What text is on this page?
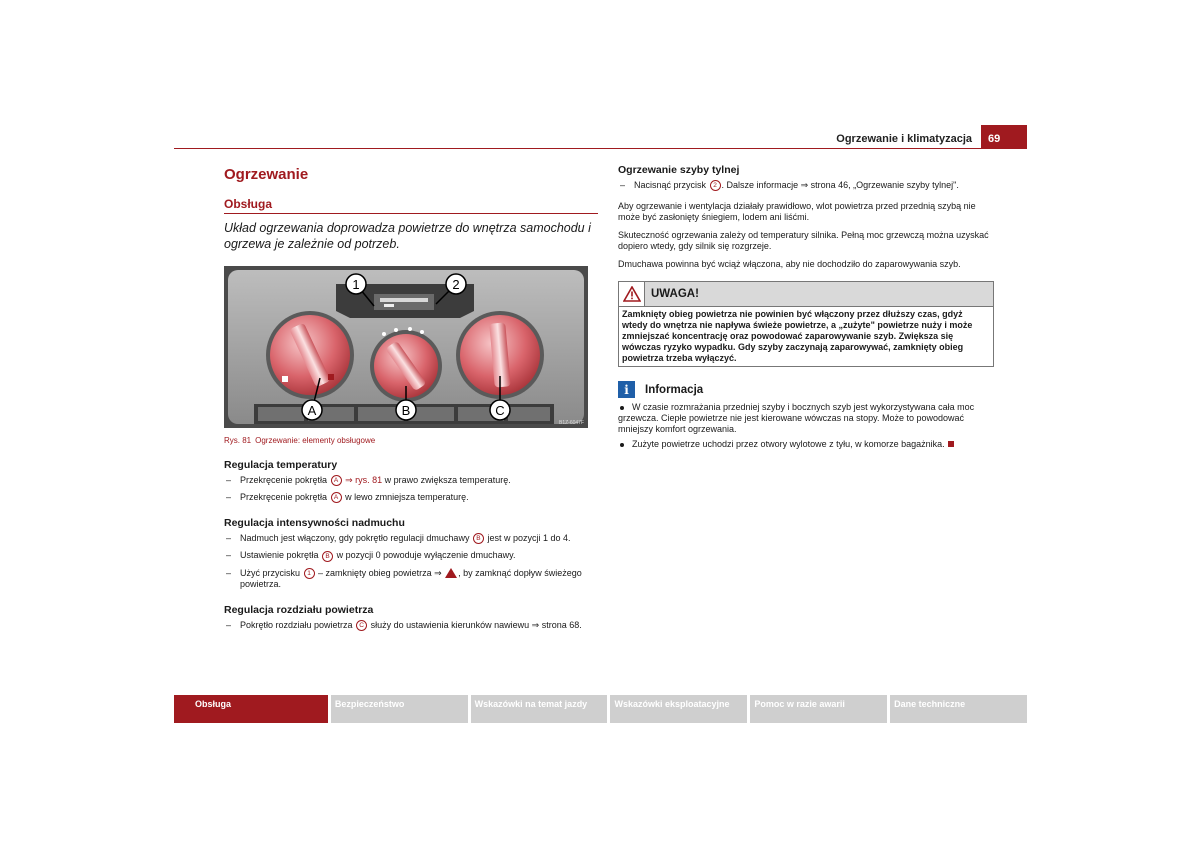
Ogrzewanie i klimatyzacja	69
Ogrzewanie
Obsługa
Układ ogrzewania doprowadza powietrze do wnętrza samochodu i ogrzewa je zależnie od potrzeb.
1	2
A	B	C
B1Z-6047F
Rys. 81 Ogrzewanie: elementy obsługowe
Regulacja temperatury
– Przekręcenie pokrętła A ⇒ rys. 81 w prawo zwiększa temperaturę.
– Przekręcenie pokrętła A w lewo zmniejsza temperaturę.
Regulacja intensywności nadmuchu
– Nadmuch jest włączony, gdy pokrętło regulacji dmuchawy B jest w pozycji 1 do 4.
– Ustawienie pokrętła B w pozycji 0 powoduje wyłączenie dmuchawy.
– Użyć przycisku 1 – zamknięty obieg powietrza ⇒ , by zamknąć dopływ świeżego powietrza.
Regulacja rozdziału powietrza
– Pokrętło rozdziału powietrza C służy do ustawienia kierunków nawiewu ⇒ strona 68.
Ogrzewanie szyby tylnej
– Nacisnąć przycisk 2 . Dalsze informacje ⇒ strona 46, „Ogrzewanie szyby tylnej".

Aby ogrzewanie i wentylacja działały prawidłowo, wlot powietrza przed przednią szybą nie może być zasłonięty śniegiem, lodem ani liśćmi.

Skuteczność ogrzewania zależy od temperatury silnika. Pełną moc grzewczą można uzyskać dopiero wtedy, gdy silnik się rozgrzeje.

Dmuchawa powinna być wciąż włączona, aby nie dochodziło do zaparowywania szyb.

UWAGA!
Zamknięty obieg powietrza nie powinien być włączony przez dłuższy czas, gdyż wtedy do wnętrza nie napływa świeże powietrze, a „zużyte" powietrze nuży i może zmniejszać koncentrację oraz powodować zaparowywanie szyb. Zwiększa się wówczas ryzyko wypadku. Gdy szyby zaczynają zaparowywać, zamknięty obieg powietrza trzeba wyłączyć.
i	Informacja
W czasie rozmrażania przedniej szyby i bocznych szyb jest wykorzystywana cała moc grzewcza. Ciepłe powietrze nie jest kierowane wówczas na stopy. Może to powodować mniejszy komfort ogrzewania.
Zużyte powietrze uchodzi przez otwory wylotowe z tyłu, w komorze bagażnika.
Obsługa	Bezpieczeństwo	Wskazówki na temat jazdy	Wskazówki eksploatacyjne	Pomoc w razie awarii	Dane techniczne
